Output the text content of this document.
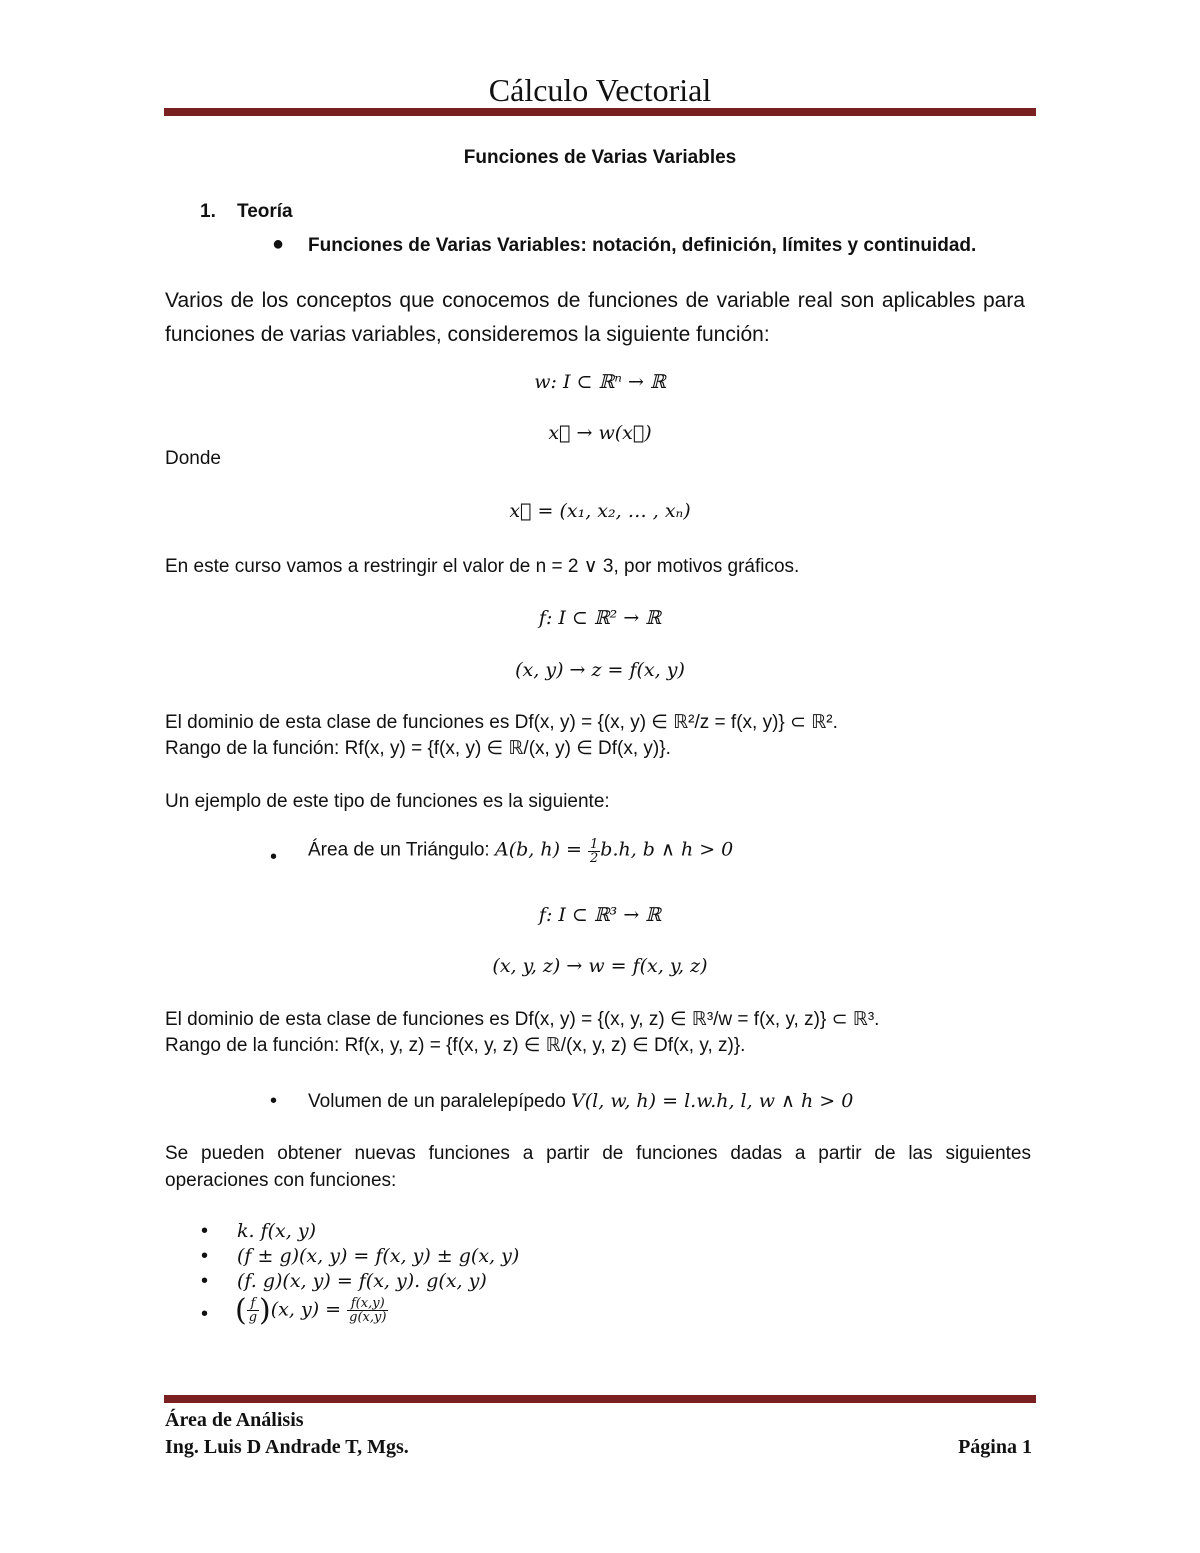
Cálculo Vectorial
Funciones de Varias Variables
1. Teoría
● Funciones de Varias Variables: notación, definición, límites y continuidad.
Varios de los conceptos que conocemos de funciones de variable real son aplicables para funciones de varias variables, consideremos la siguiente función:
w: I ⊂ ℝⁿ → ℝ
x⃗ → w(x⃗)
Donde
x⃗ = (x₁, x₂, … , xₙ)
En este curso vamos a restringir el valor de n = 2 ∨ 3, por motivos gráficos.
f: I ⊂ ℝ² → ℝ
(x, y) → z = f(x, y)
El dominio de esta clase de funciones es Df(x, y) = {(x, y) ∈ ℝ²/z = f(x, y)} ⊂ ℝ².
Rango de la función: Rf(x, y) = {f(x, y) ∈ ℝ/(x, y) ∈ Df(x, y)}.
Un ejemplo de este tipo de funciones es la siguiente:
• Área de un Triángulo: A(b, $h) = \frac{1}{2} b.h$, b ∧ h > 0
f: I ⊂ ℝ³ → ℝ
(x, y, z) → w = f(x, y, z)
El dominio de esta clase de funciones es Df(x, y) = {(x, y, z) ∈ ℝ³/w = f(x, y, z)} ⊂ ℝ³.
Rango de la función: Rf(x, y, z) = {f(x, y, z) ∈ ℝ/(x, y, z) ∈ Df(x, y, z)}.
• Volumen de un paralelepípedo V(l, w, h) = l.w.h, l, w ∧ h > 0
Se pueden obtener nuevas funciones a partir de funciones dadas a partir de las siguientes operaciones con funciones:
• k. f(x, y)
• (f ± g)(x, y) = f(x, y) ± g(x, y)
• (f. g)(x, y) = f(x, y). g(x, y)
• ( $\frac{f}{g} )(x$, $y) = \frac{f(x,y)}{g(x,y)}$
Área de Análisis
Ing. Luis D Andrade T, Mgs.	Página 1
